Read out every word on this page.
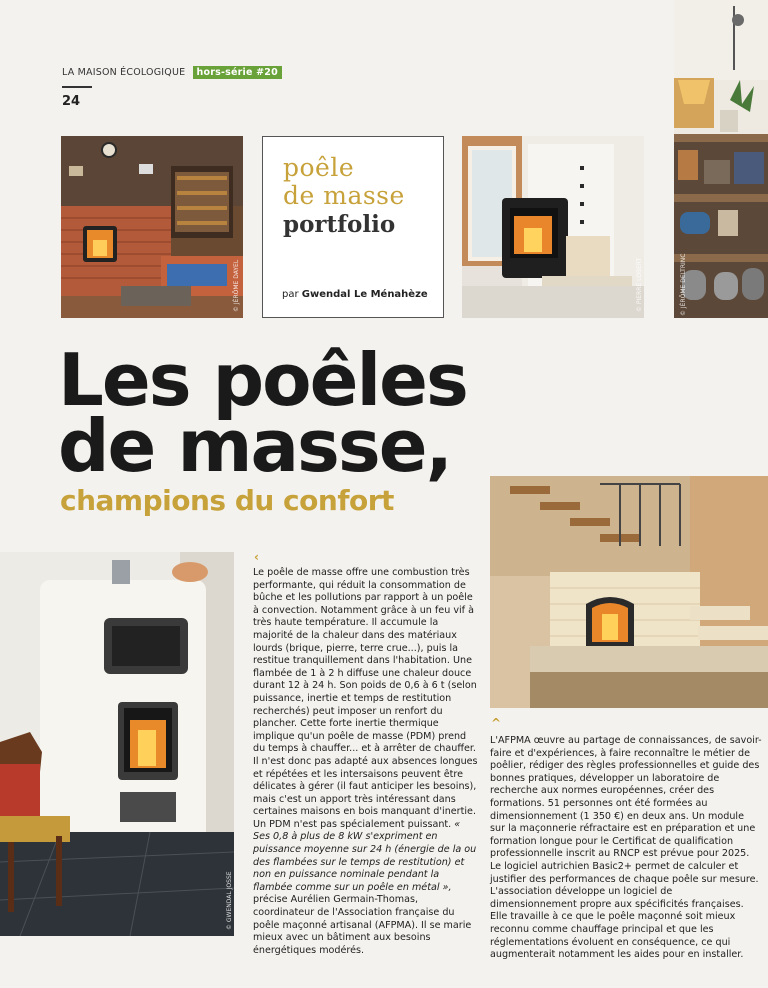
LA MAISON ÉCOLOGIQUE hors-série #20
24
© JÉRÔME DAYEL
poêle
de masse
portfolio
par Gwendal Le Ménahèze	© PIERRE LOBERT	© JÉRÔME DELTRINC
Les poêles
de masse,
champions du confort
© GWENDAL JOSSE
‹

Le poêle de masse offre une combustion très performante, qui réduit la consommation de bûche et les pollutions par rapport à un poêle à convection. Notamment grâce à un feu vif à très haute température. Il accumule la majorité de la chaleur dans des matériaux lourds (brique, pierre, terre crue...), puis la restitue tranquillement dans l'habitation. Une flambée de 1 à 2 h diffuse une chaleur douce durant 12 à 24 h. Son poids de 0,6 à 6 t (selon puissance, inertie et temps de restitution recherchés) peut imposer un renfort du plancher. Cette forte inertie thermique implique qu'un poêle de masse (PDM) prend du temps à chauffer... et à arrêter de chauffer. Il n'est donc pas adapté aux absences longues et répétées et les intersaisons peuvent être délicates à gérer (il faut anticiper les besoins), mais c'est un apport très intéressant dans certaines maisons en bois manquant d'inertie. Un PDM n'est pas spécialement puissant. « Ses 0,8 à plus de 8 kW s'expriment en puissance moyenne sur 24 h (énergie de la ou des flambées sur le temps de restitution) et non en puissance nominale pendant la flambée comme sur un poêle en métal », précise Aurélien Germain-Thomas, coordinateur de l'Association française du poêle maçonné artisanal (AFPMA). Il se marie mieux avec un bâtiment aux besoins énergétiques modérés.

^

L'AFPMA œuvre au partage de connaissances, de savoir-faire et d'expériences, à faire reconnaître le métier de poêlier, rédiger des règles professionnelles et guide des bonnes pratiques, développer un laboratoire de recherche aux normes européennes, créer des formations. 51 personnes ont été formées au dimensionnement (1 350 €) en deux ans. Un module sur la maçonnerie réfractaire est en préparation et une formation longue pour le Certificat de qualification professionnelle inscrit au RNCP est prévue pour 2025. Le logiciel autrichien Basic2+ permet de calculer et justifier des performances de chaque poêle sur mesure. L'association développe un logiciel de dimensionnement propre aux spécificités françaises. Elle travaille à ce que le poêle maçonné soit mieux reconnu comme chauffage principal et que les réglementations évoluent en conséquence, ce qui augmenterait notamment les aides pour en installer.
